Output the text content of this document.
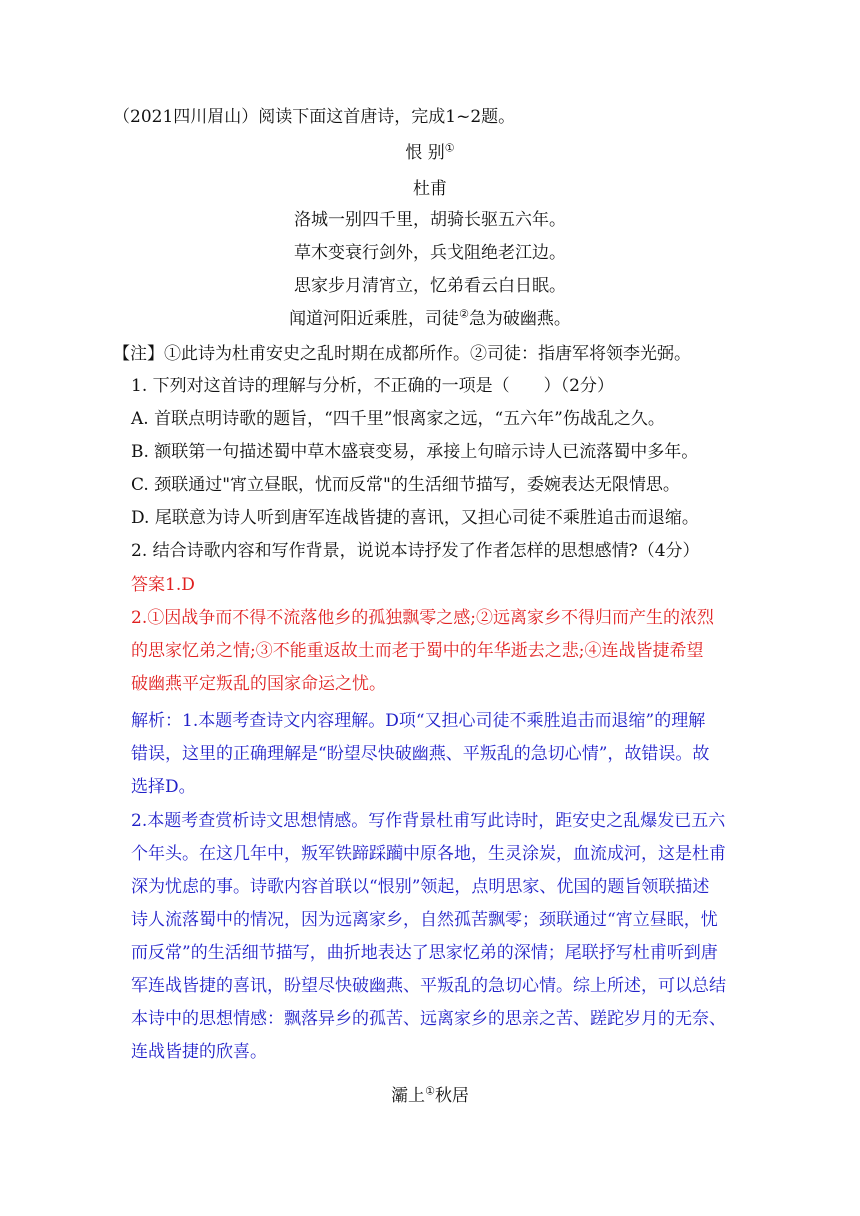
（2021四川眉山）阅读下面这首唐诗，完成1~2题。
恨 别①
杜甫
洛城一别四千里，胡骑长驱五六年。
草木变衰行剑外，兵戈阻绝老江边。
思家步月清宵立，忆弟看云白日眠。
闻道河阳近乘胜，司徒②急为破幽燕。
【注】①此诗为杜甫安史之乱时期在成都所作。②司徒：指唐军将领李光弼。
1. 下列对这首诗的理解与分析，不正确的一项是（　　）（2分）
A. 首联点明诗歌的题旨，“四千里”恨离家之远，“五六年”伤战乱之久。
B. 额联第一句描述蜀中草木盛衰变易，承接上句暗示诗人已流落蜀中多年。
C. 颈联通过"宵立昼眠，忧而反常"的生活细节描写，委婉表达无限情思。
D. 尾联意为诗人听到唐军连战皆捷的喜讯，又担心司徒不乘胜追击而退缩。
2. 结合诗歌内容和写作背景，说说本诗抒发了作者怎样的思想感情?（4分）
答案1.D
2.①因战争而不得不流落他乡的孤独飘零之感;②远离家乡不得归而产生的浓烈
的思家忆弟之情;③不能重返故土而老于蜀中的年华逝去之悲;④连战皆捷希望
破幽燕平定叛乱的国家命运之忧。
解析：1.本题考查诗文内容理解。D项“又担心司徒不乘胜追击而退缩”的理解
错误，这里的正确理解是“盼望尽快破幽燕、平叛乱的急切心情”，故错误。故
选择D。
2.本题考查赏析诗文思想情感。写作背景杜甫写此诗时，距安史之乱爆发已五六
个年头。在这几年中，叛军铁蹄踩躏中原各地，生灵涂炭，血流成河，这是杜甫
深为忧虑的事。诗歌内容首联以“恨别”领起，点明思家、优国的题旨领联描述
诗人流落蜀中的情况，因为远离家乡，自然孤苦飘零；颈联通过“宵立昼眠，忧
而反常”的生活细节描写，曲折地表达了思家忆弟的深情；尾联抒写杜甫听到唐
军连战皆捷的喜讯，盼望尽快破幽燕、平叛乱的急切心情。综上所述，可以总结
本诗中的思想情感：飘落异乡的孤苦、远离家乡的思亲之苦、蹉跎岁月的无奈、
连战皆捷的欣喜。
灞上①秋居
